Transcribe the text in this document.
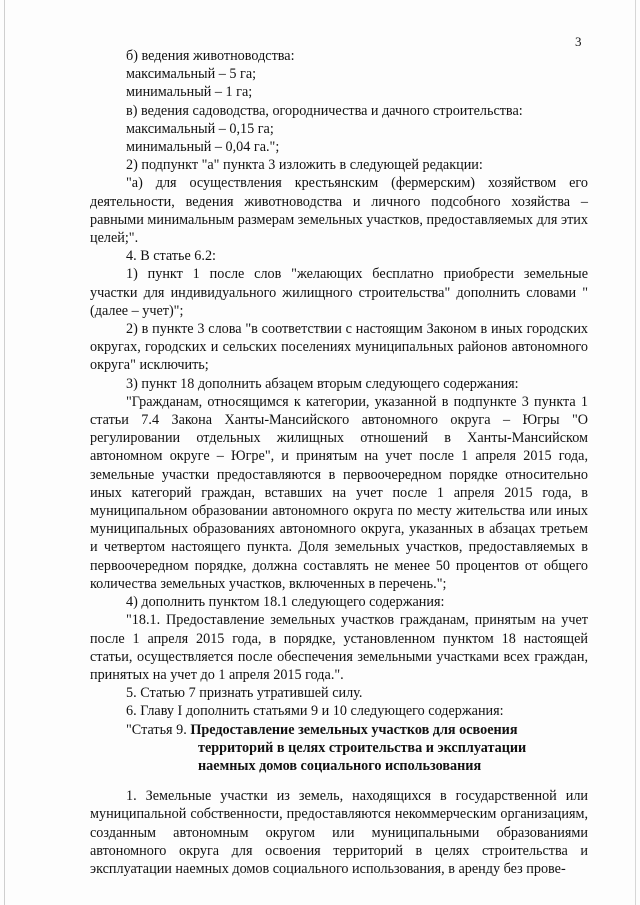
3

б) ведения животноводства:

максимальный – 5 га;

минимальный – 1 га;

в) ведения садоводства, огородничества и дачного строительства:

максимальный – 0,15 га;

минимальный – 0,04 га.";

2) подпункт "а" пункта 3 изложить в следующей редакции:

"а) для осуществления крестьянским (фермерским) хозяйством его деятельности, ведения животноводства и личного подсобного хозяйства – равными минимальным размерам земельных участков, предоставляемых для этих целей;".

4. В статье 6.2:

1) пункт 1 после слов "желающих бесплатно приобрести земельные участки для индивидуального жилищного строительства" дополнить словами "(далее – учет)";

2) в пункте 3 слова "в соответствии с настоящим Законом в иных городских округах, городских и сельских поселениях муниципальных районов автономного округа" исключить;

3) пункт 18 дополнить абзацем вторым следующего содержания:

"Гражданам, относящимся к категории, указанной в подпункте 3 пункта 1 статьи 7.4 Закона Ханты-Мансийского автономного округа – Югры "О регулировании отдельных жилищных отношений в Ханты-Мансийском автономном округе – Югре", и принятым на учет после 1 апреля 2015 года, земельные участки предоставляются в первоочередном порядке относительно иных категорий граждан, вставших на учет после 1 апреля 2015 года, в муниципальном образовании автономного округа по месту жительства или иных муниципальных образованиях автономного округа, указанных в абзацах третьем и четвертом настоящего пункта. Доля земельных участков, предоставляемых в первоочередном порядке, должна составлять не менее 50 процентов от общего количества земельных участков, включенных в перечень.";

4) дополнить пунктом 18.1 следующего содержания:

"18.1. Предоставление земельных участков гражданам, принятым на учет после 1 апреля 2015 года, в порядке, установленном пунктом 18 настоящей статьи, осуществляется после обеспечения земельными участками всех граждан, принятых на учет до 1 апреля 2015 года.".

5. Статью 7 признать утратившей силу.

6. Главу I дополнить статьями 9 и 10 следующего содержания:

"Статья 9. Предоставление земельных участков для освоения

территорий в целях строительства и эксплуатации

наемных домов социального использования

1. Земельные участки из земель, находящихся в государственной или муниципальной собственности, предоставляются некоммерческим организациям, созданным автономным округом или муниципальными образованиями автономного округа для освоения территорий в целях строительства и эксплуатации наемных домов социального использования, в аренду без прове-
